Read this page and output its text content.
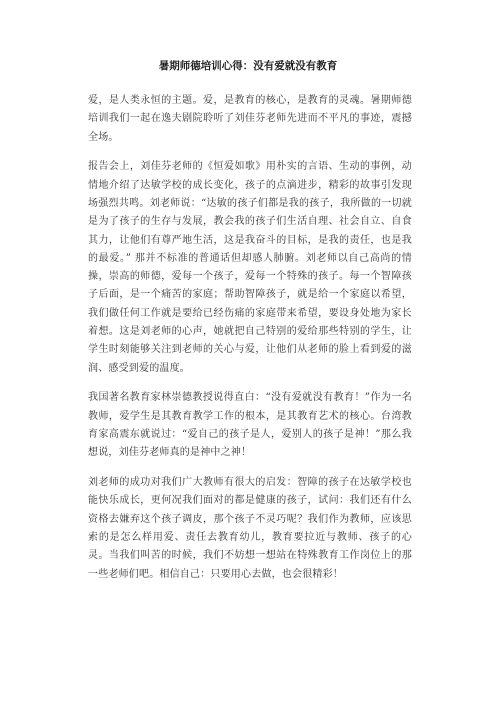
暑期师德培训心得：没有爱就没有教育

爱，是人类永恒的主题。爱，是教育的核心，是教育的灵魂。暑期师德培训我们一起在逸夫剧院聆听了刘佳芬老师先进而不平凡的事迹，震撼全场。

报告会上，刘佳芬老师的《恒爱如歌》用朴实的言语、生动的事例，动情地介绍了达敏学校的成长变化，孩子的点滴进步，精彩的故事引发现场强烈共鸣。刘老师说：“达敏的孩子们都是我的孩子，我所做的一切就是为了孩子的生存与发展，教会我的孩子们生活自理、社会自立、自食其力，让他们有尊严地生活，这是我奋斗的目标，是我的责任，也是我的最爱。” 那并不标准的普通话但却感人肺腑。刘老师以自己高尚的情操，崇高的师德，爱每一个孩子，爱每一个特殊的孩子。每一个智障孩子后面，是一个痛苦的家庭；帮助智障孩子，就是给一个家庭以希望，我们做任何工作就是要给已经伤痛的家庭带来希望，要设身处地为家长着想。这是刘老师的心声，她就把自己特别的爱给那些特别的学生，让学生时刻能够关注到老师的关心与爱，让他们从老师的脸上看到爱的滋润、感受到爱的温度。

我国著名教育家林崇德教授说得直白：“没有爱就没有教育！”作为一名教师，爱学生是其教育教学工作的根本，是其教育艺术的核心。台湾教育家高震东就说过：“爱自己的孩子是人，爱别人的孩子是神！”那么我想说，刘佳芬老师真的是神中之神！

刘老师的成功对我们广大教师有很大的启发：智障的孩子在达敏学校也能快乐成长，更何况我们面对的都是健康的孩子，试问：我们还有什么资格去嫌弃这个孩子调皮，那个孩子不灵巧呢？我们作为教师，应该思索的是怎么样用爱、责任去教育幼儿，教育要拉近与教师、孩子的心灵。当我们叫苦的时候，我们不妨想一想站在特殊教育工作岗位上的那一些老师们吧。相信自己：只要用心去做，也会很精彩！
